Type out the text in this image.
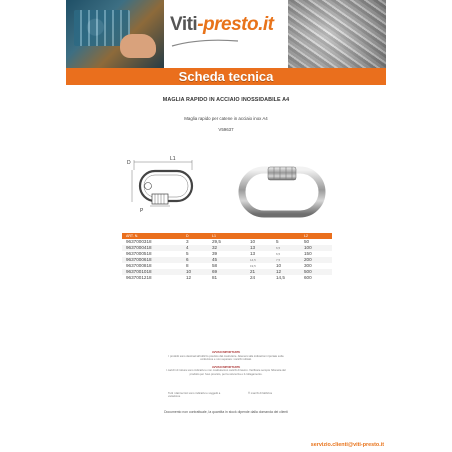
Viti-presto.it
Scheda tecnica
MAGLIA RAPIDO IN ACCIAIO INOSSIDABILE A4
Maglia rapido per catene in acciaio inox A4
V59637
L1
D
P
ART. N.	D	L1			L2
9637000318	3	29,5	10	5	50
9637000418	4	32	13	6,5	100
9637000518	5	39	13	6,5	150
9637000618	6	45	14,5	7,5	200
9637000818	8	58	19,5	10	300
9637001018	10	69	21	12	500
9637001218	12	81	24	14,5	600
AVVISO IMPORTANTE

I prodotti sono destinati all'utilizzo previsto dal costruttore. Attenersi alle indicazioni riportate sulla confezione e non superare i carichi indicati.

AVVISO IMPORTANTE

I carichi di rottura sono indicativi e non costituiscono carichi di lavoro. Verificare sempre l'idoneita del prodotto per l'uso previsto, per la sicurezza e il collegamento.

Tutti i dati tecnici sono indicativi e soggetti a variazione
® marchi di fabbrica
Documento non contrattuale, la quantita in stock dipende dalla domanda dei clienti
servizio.clienti@viti-presto.it
